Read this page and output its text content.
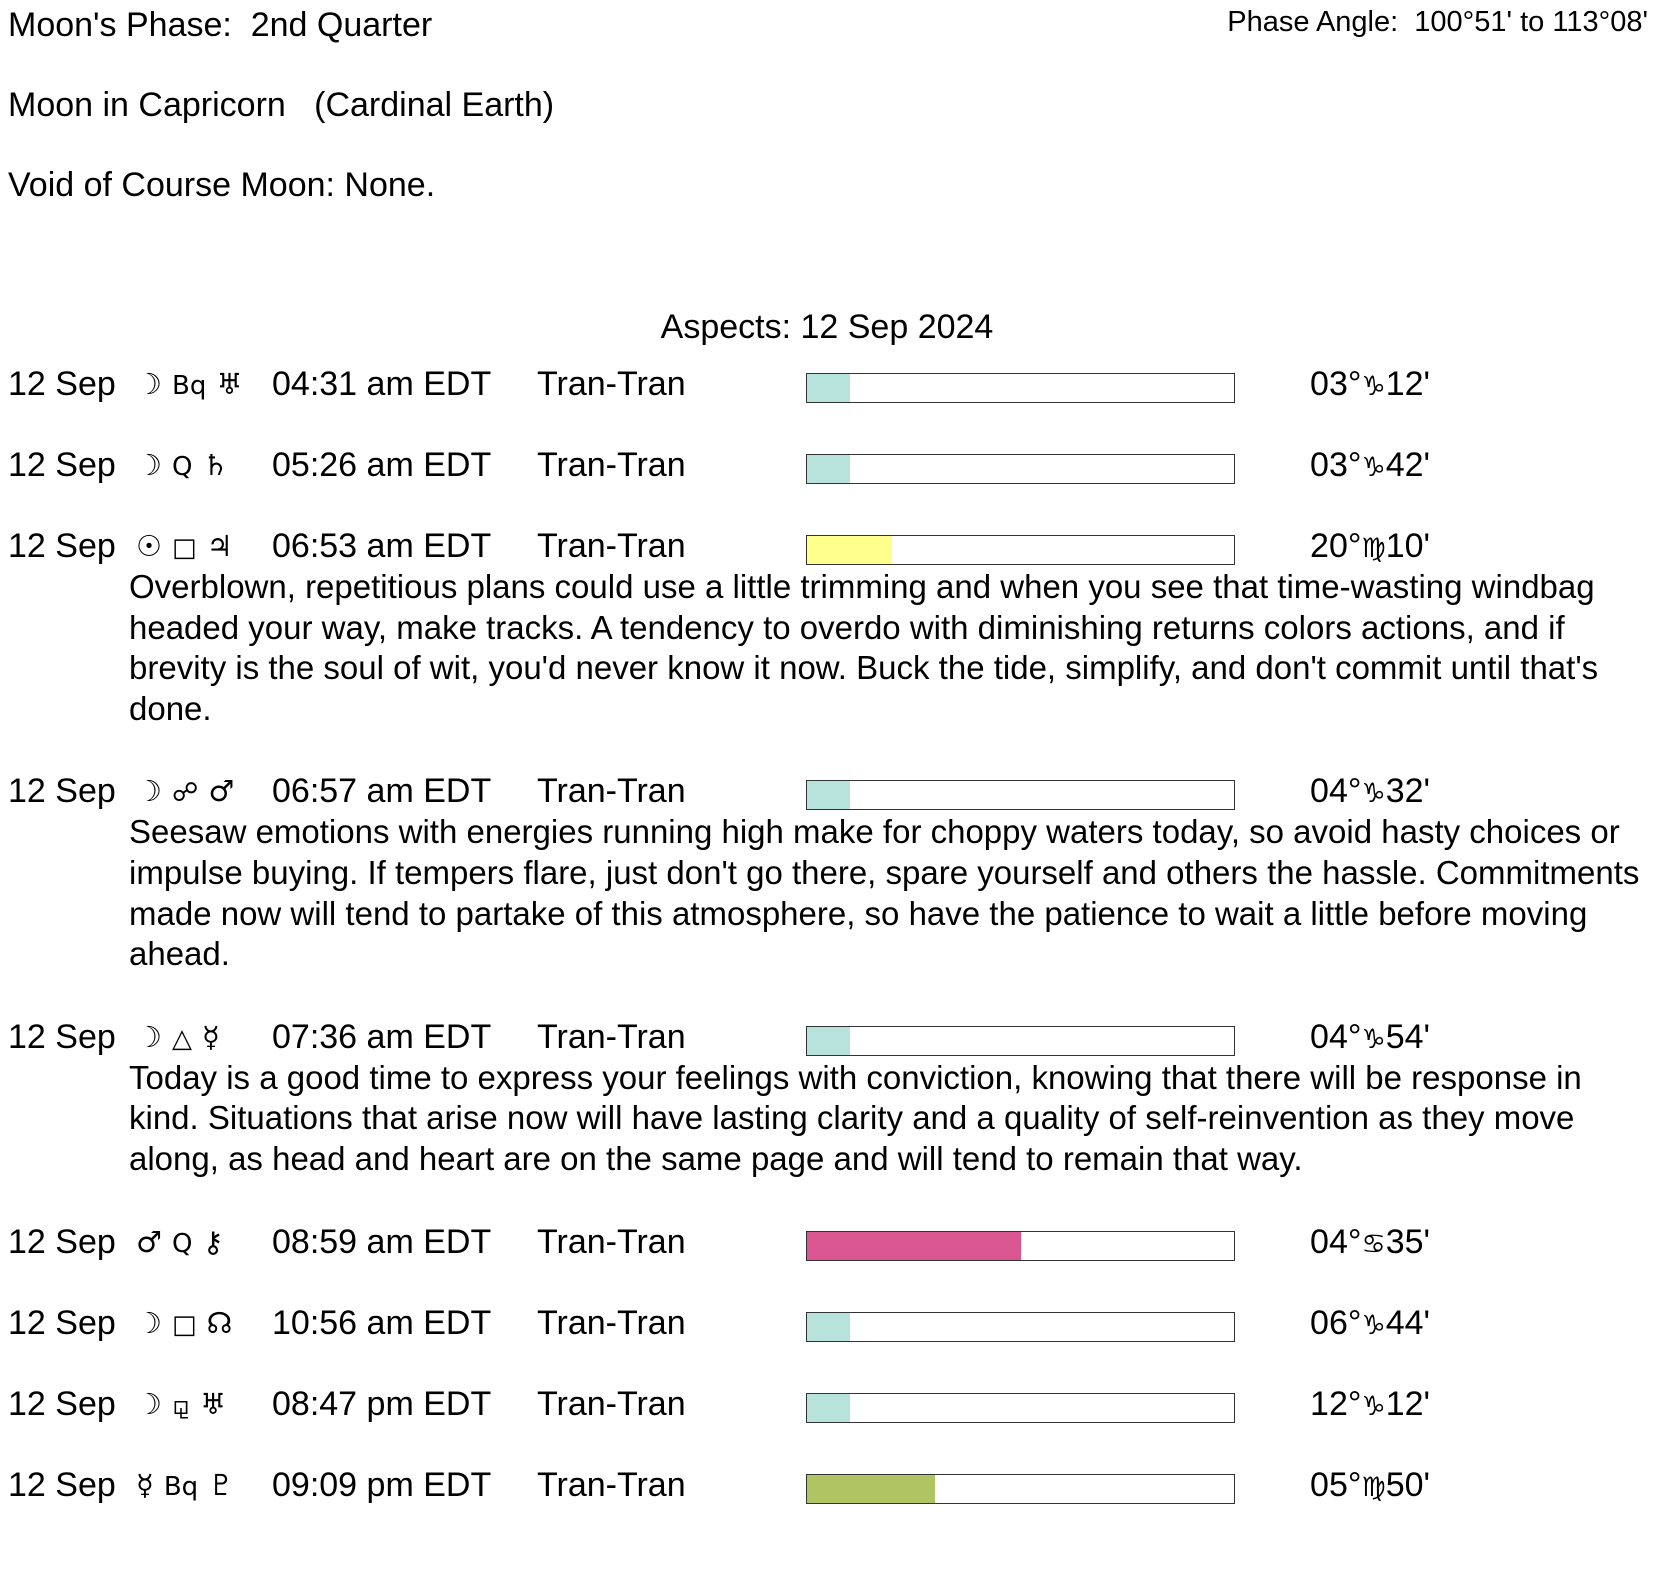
Moon's Phase:  2nd Quarter	Phase Angle:  100°51' to 113°08'
Moon in Capricorn   (Cardinal Earth)
Void of Course Moon: None.
Aspects: 12 Sep 2024
12 Sep ☽ Bq ♅ 04:31 am EDT Tran-Tran	03°♑12'
12 Sep ☽ Q ♄ 05:26 am EDT Tran-Tran	03°♑42'
12 Sep ☉ □ ♃ 06:53 am EDT Tran-Tran	20°♍10'
Overblown, repetitious plans could use a little trimming and when you see that time-wasting windbag headed your way, make tracks. A tendency to overdo with diminishing returns colors actions, and if brevity is the soul of wit, you'd never know it now. Buck the tide, simplify, and don't commit until that's done.
12 Sep ☽ ☍ ♂ 06:57 am EDT Tran-Tran	04°♑32'
Seesaw emotions with energies running high make for choppy waters today, so avoid hasty choices or impulse buying. If tempers flare, just don't go there, spare yourself and others the hassle. Commitments made now will tend to partake of this atmosphere, so have the patience to wait a little before moving ahead.
12 Sep ☽ △ ☿ 07:36 am EDT Tran-Tran	04°♑54'
Today is a good time to express your feelings with conviction, knowing that there will be response in kind. Situations that arise now will have lasting clarity and a quality of self-reinvention as they move along, as head and heart are on the same page and will tend to remain that way.
12 Sep ♂ Q ⚷ 08:59 am EDT Tran-Tran	04°♋35'
12 Sep ☽ □ ☊ 10:56 am EDT Tran-Tran	06°♑44'
12 Sep ☽ ⚼ ♅ 08:47 pm EDT Tran-Tran	12°♑12'
12 Sep ☿ Bq ♇ 09:09 pm EDT Tran-Tran	05°♍50'
